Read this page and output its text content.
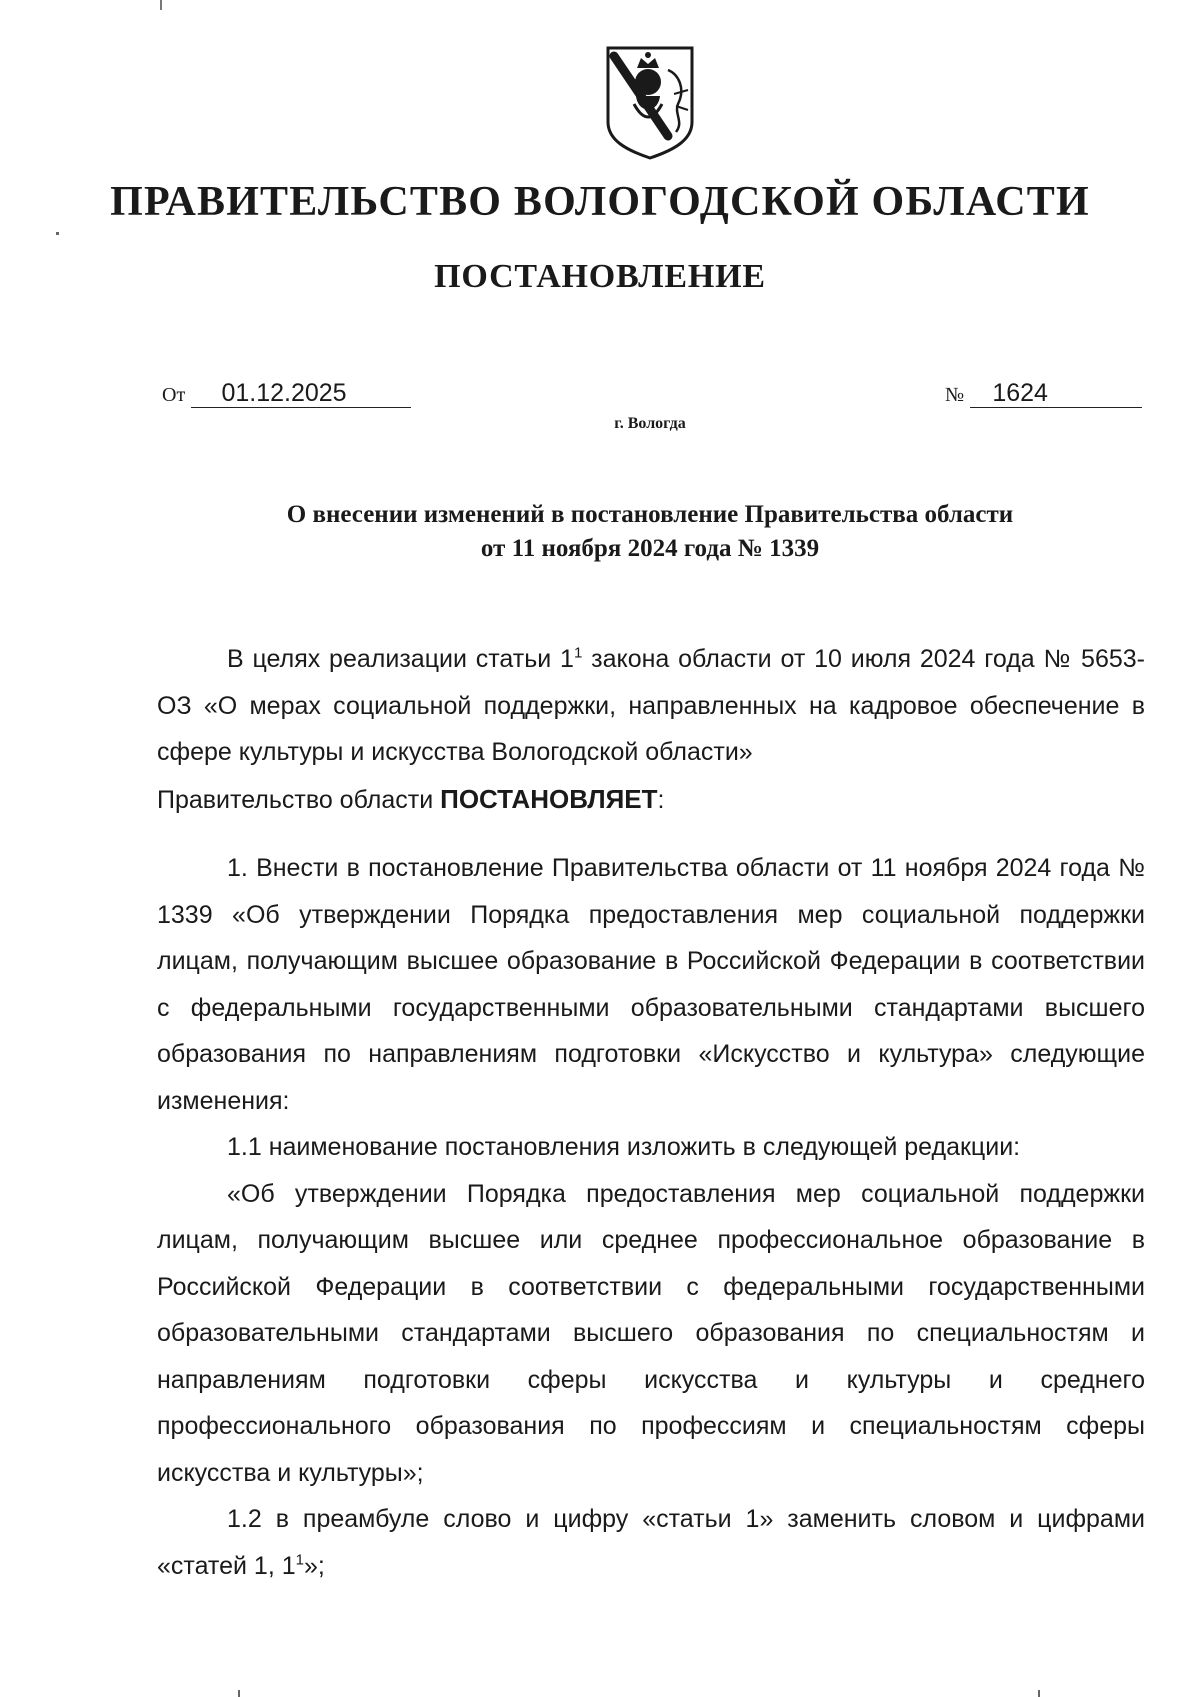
ПРАВИТЕЛЬСТВО ВОЛОГОДСКОЙ ОБЛАСТИ
ПОСТАНОВЛЕНИЕ
От 01.12.2025	№ 1624
г. Вологда
О внесении изменений в постановление Правительства области
от 11 ноября 2024 года № 1339

В целях реализации статьи $1^1$ закона области от 10 июля 2024 года № 5653-ОЗ «О мерах социальной поддержки, направленных на кадровое обеспечение в сфере культуры и искусства Вологодской области»

Правительство области ПОСТАНОВЛЯЕТ:

1. Внести в постановление Правительства области от 11 ноября 2024 года № 1339 «Об утверждении Порядка предоставления мер социальной поддержки лицам, получающим высшее образование в Российской Федерации в соответствии с федеральными государственными образовательными стандартами высшего образования по направлениям подготовки «Искусство и культура» следующие изменения:

1.1 наименование постановления изложить в следующей редакции:

«Об утверждении Порядка предоставления мер социальной поддержки лицам, получающим высшее или среднее профессиональное образование в Российской Федерации в соответствии с федеральными государственными образовательными стандартами высшего образования по специальностям и направлениям подготовки сферы искусства и культуры и среднего профессионального образования по профессиям и специальностям сферы искусства и культуры»;

1.2 в преамбуле слово и цифру «статьи 1» заменить словом и цифрами «статей 1, $1^1$»;
